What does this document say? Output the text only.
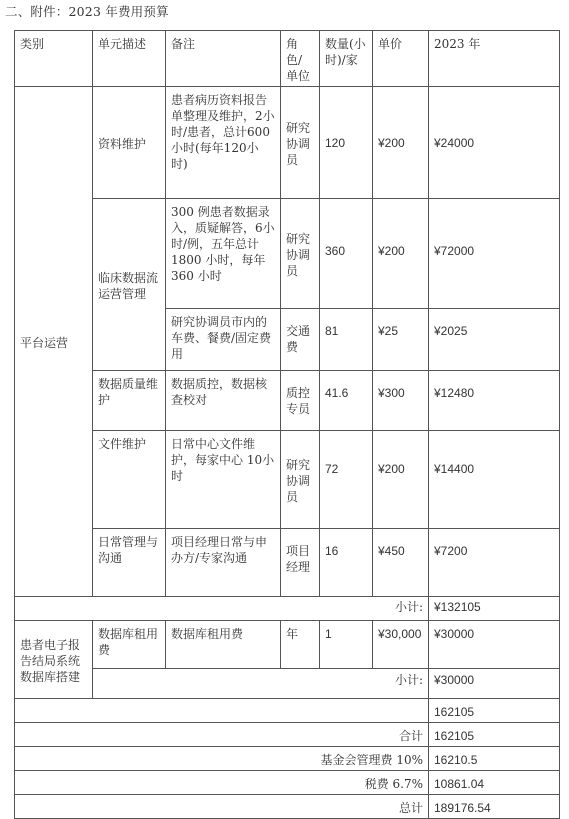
二、附件：2023 年费用预算
类别	单元描述	备注	角色/单位	数量(小时)/家	单价	2023 年
平台运营	资料维护	患者病历资料报告单整理及维护，2小时/患者，总计600 小时(每年120小时)	研究协调员	120	¥200	¥24000
	临床数据流运营管理	300 例患者数据录入，质疑解答，6小时/例，五年总计1800 小时，每年360 小时	研究协调员	360	¥200	¥72000
		研究协调员市内的车费、餐费/固定费用	交通费	81	¥25	¥2025
	数据质量维护	数据质控，数据核查校对	质控专员	41.6	¥300	¥12480
	文件维护	日常中心文件维护，每家中心 10小时	研究协调员	72	¥200	¥14400
	日常管理与沟通	项目经理日常与申办方/专家沟通	项目经理	16	¥450	¥7200
小计:						¥132105
患者电子报告结局系统数据库搭建	数据库租用费	数据库租用费	年	1	¥30,000	¥30000
	小计:					¥30000
						162105
合计						162105
基金会管理费 10%						16210.5
税费 6.7%						10861.04
总计						189176.54
